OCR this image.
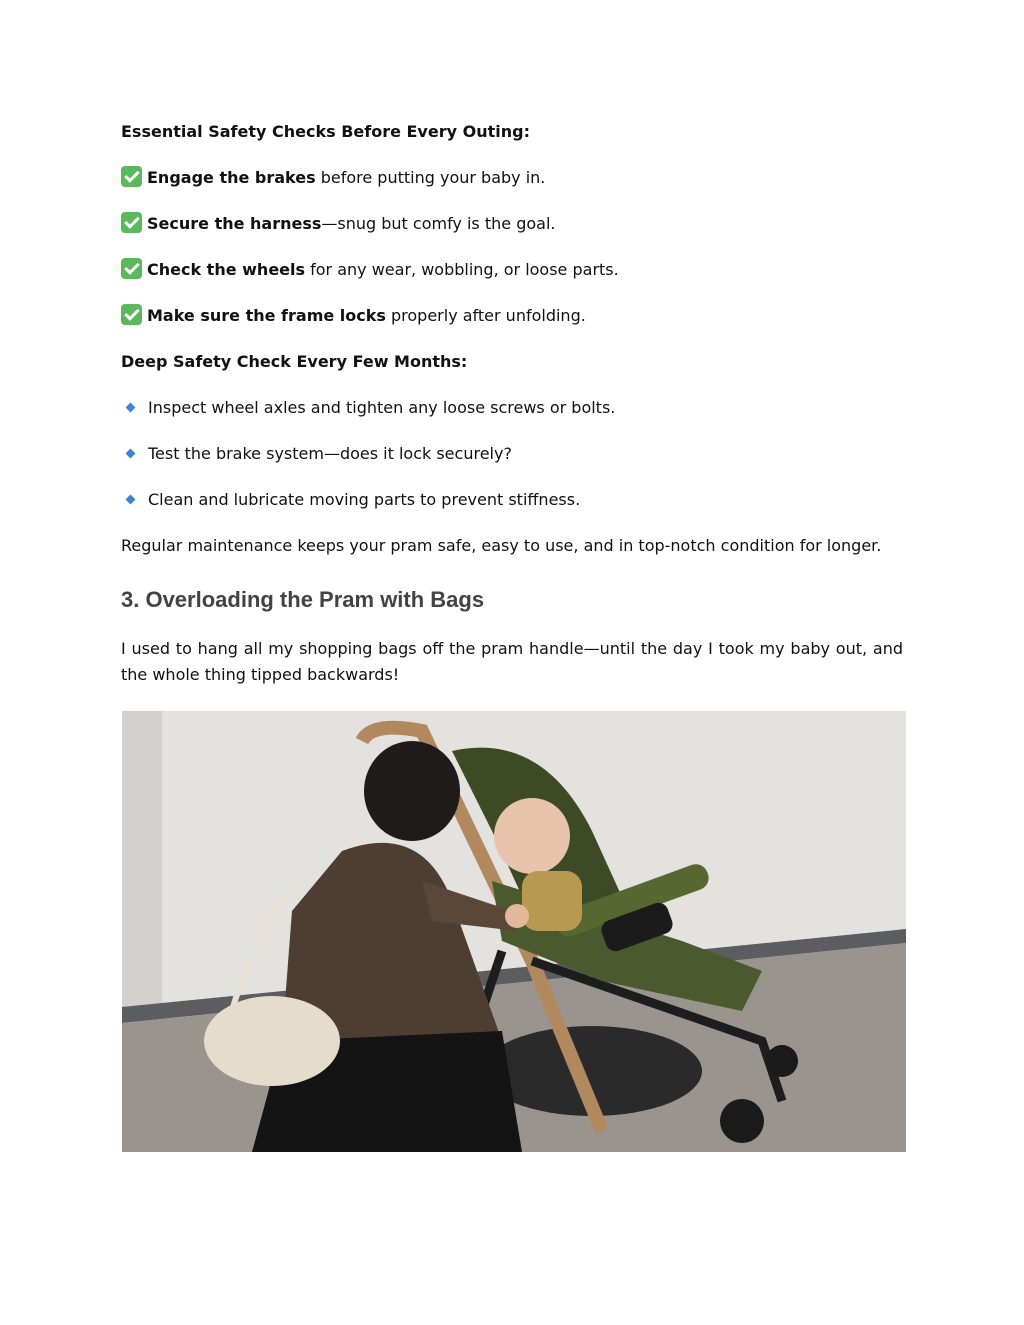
Essential Safety Checks Before Every Outing:
Engage the brakes before putting your baby in.
Secure the harness—snug but comfy is the goal.
Check the wheels for any wear, wobbling, or loose parts.
Make sure the frame locks properly after unfolding.
Deep Safety Check Every Few Months:
Inspect wheel axles and tighten any loose screws or bolts.
Test the brake system—does it lock securely?
Clean and lubricate moving parts to prevent stiffness.
Regular maintenance keeps your pram safe, easy to use, and in top-notch condition for longer.
3. Overloading the Pram with Bags
I used to hang all my shopping bags off the pram handle—until the day I took my baby out, and the whole thing tipped backwards!
